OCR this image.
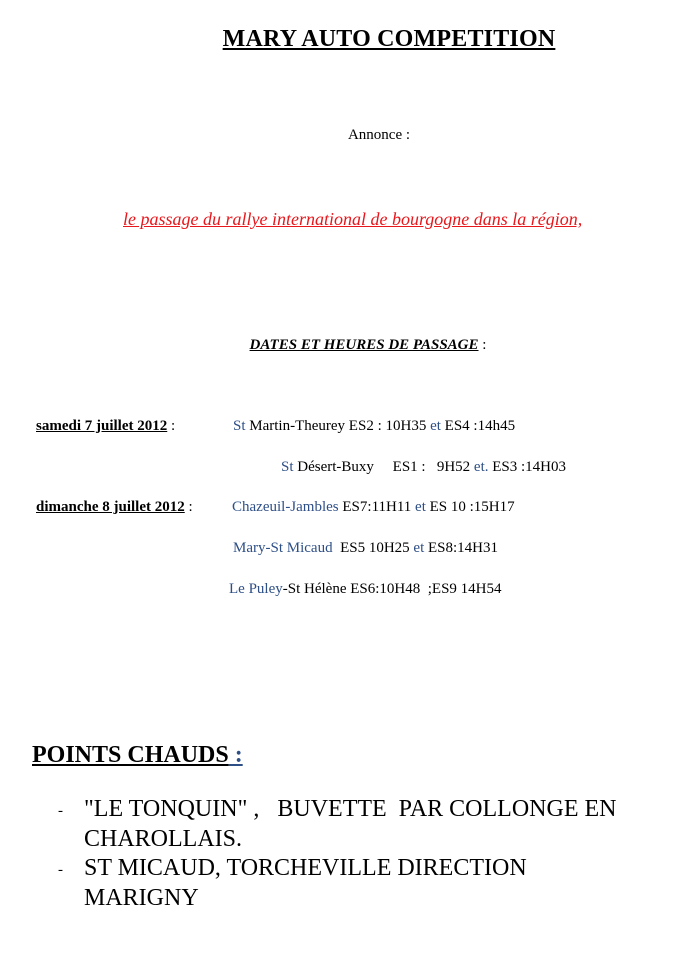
MARY AUTO COMPETITION
Annonce :
le passage du rallye international de bourgogne dans la région,
DATES ET HEURES DE PASSAGE :
samedi 7 juillet 2012 :	St Martin-Theurey ES2 : 10H35 et ES4 :14h45
St Désert-Buxy     ES1 :   9H52 et. ES3 :14H03
dimanche 8 juillet 2012 :	Chazeuil-Jambles ES7:11H11 et ES 10 :15H17
Mary-St Micaud  ES5 10H25 et ES8:14H31
Le Puley-St Hélène ES6:10H48  ;ES9 14H54
POINTS CHAUDS :
- "LE TONQUIN" ,   BUVETTE  PAR COLLONGE EN
CHAROLLAIS.
- ST MICAUD, TORCHEVILLE DIRECTION
MARIGNY
